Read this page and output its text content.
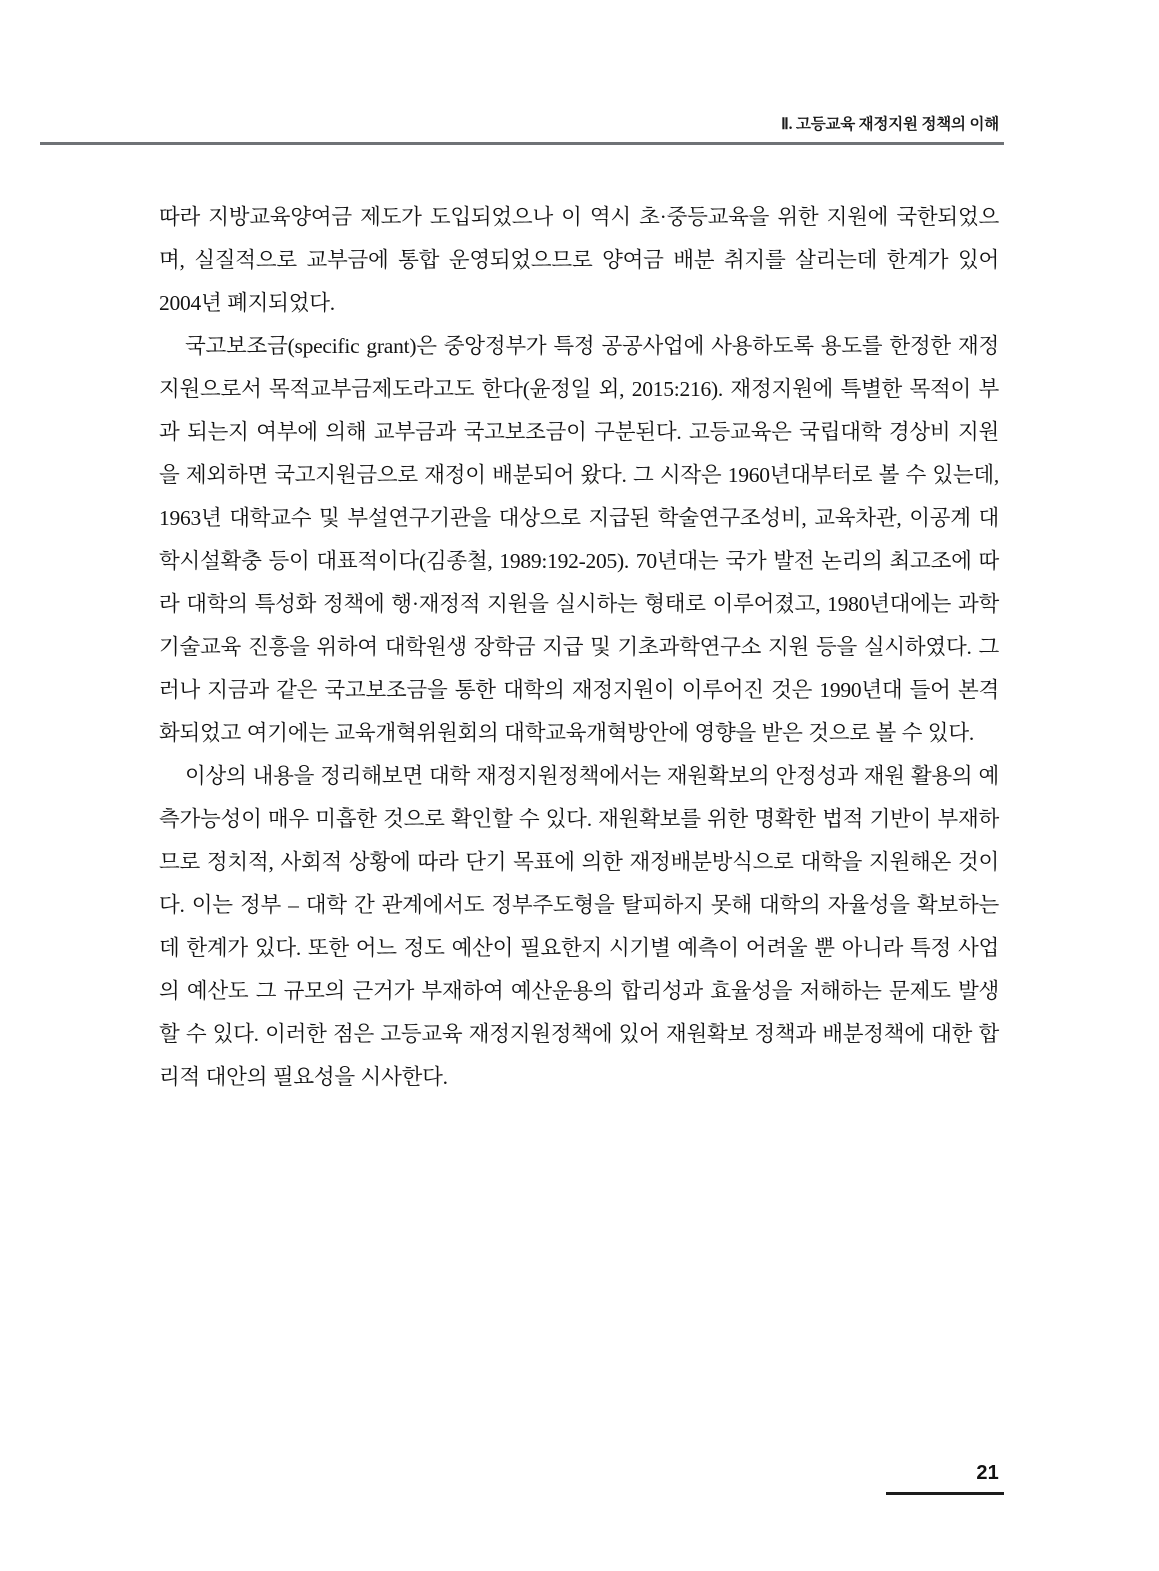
Ⅱ. 고등교육 재정지원 정책의 이해

따라 지방교육양여금 제도가 도입되었으나 이 역시 초·중등교육을 위한 지원에 국한되었으며, 실질적으로 교부금에 통합 운영되었으므로 양여금 배분 취지를 살리는데 한계가 있어 2004년 폐지되었다.

국고보조금(specific grant)은 중앙정부가 특정 공공사업에 사용하도록 용도를 한정한 재정지원으로서 목적교부금제도라고도 한다(윤정일 외, 2015:216). 재정지원에 특별한 목적이 부과 되는지 여부에 의해 교부금과 국고보조금이 구분된다. 고등교육은 국립대학 경상비 지원을 제외하면 국고지원금으로 재정이 배분되어 왔다. 그 시작은 1960년대부터로 볼 수 있는데, 1963년 대학교수 및 부설연구기관을 대상으로 지급된 학술연구조성비, 교육차관, 이공계 대학시설확충 등이 대표적이다(김종철, 1989:192-205). 70년대는 국가 발전 논리의 최고조에 따라 대학의 특성화 정책에 행·재정적 지원을 실시하는 형태로 이루어졌고, 1980년대에는 과학기술교육 진흥을 위하여 대학원생 장학금 지급 및 기초과학연구소 지원 등을 실시하였다. 그러나 지금과 같은 국고보조금을 통한 대학의 재정지원이 이루어진 것은 1990년대 들어 본격화되었고 여기에는 교육개혁위원회의 대학교육개혁방안에 영향을 받은 것으로 볼 수 있다.

이상의 내용을 정리해보면 대학 재정지원정책에서는 재원확보의 안정성과 재원 활용의 예측가능성이 매우 미흡한 것으로 확인할 수 있다. 재원확보를 위한 명확한 법적 기반이 부재하므로 정치적, 사회적 상황에 따라 단기 목표에 의한 재정배분방식으로 대학을 지원해온 것이다. 이는 정부 – 대학 간 관계에서도 정부주도형을 탈피하지 못해 대학의 자율성을 확보하는데 한계가 있다. 또한 어느 정도 예산이 필요한지 시기별 예측이 어려울 뿐 아니라 특정 사업의 예산도 그 규모의 근거가 부재하여 예산운용의 합리성과 효율성을 저해하는 문제도 발생 할 수 있다. 이러한 점은 고등교육 재정지원정책에 있어 재원확보 정책과 배분정책에 대한 합리적 대안의 필요성을 시사한다.

21
